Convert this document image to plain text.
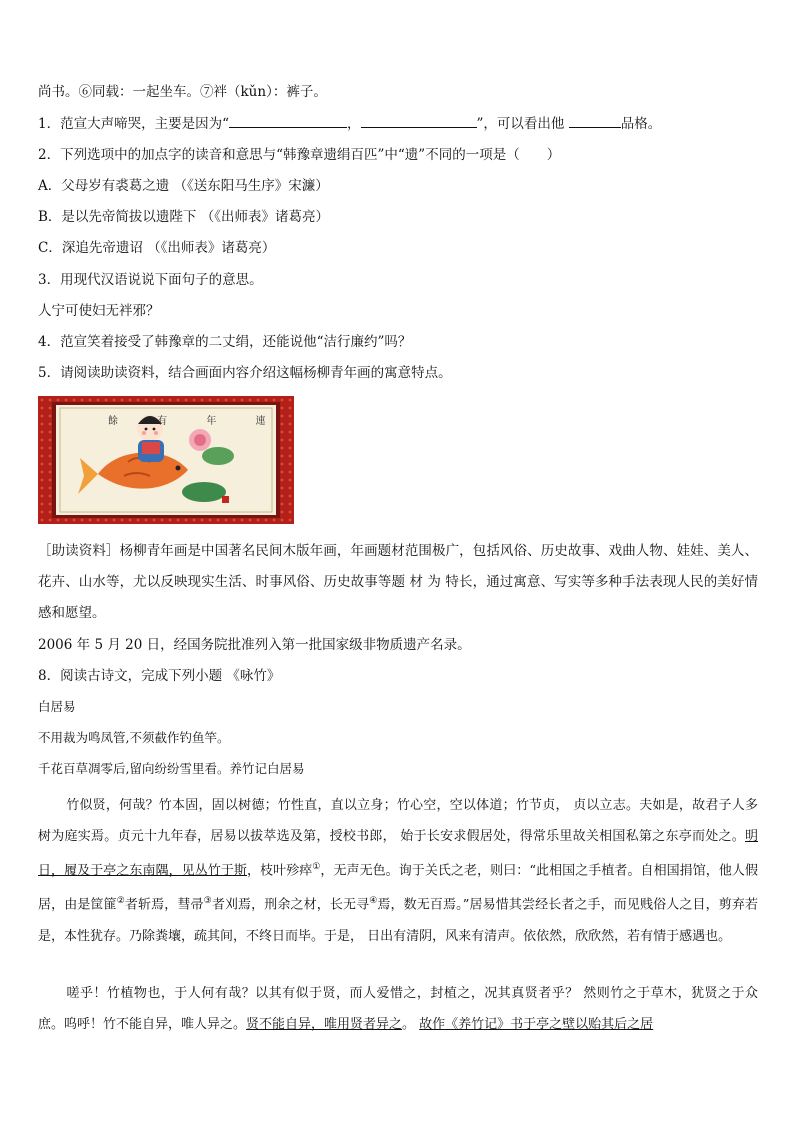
尚书。⑥同载：一起坐车。⑦袢（kǔn）：裤子。
1．范宣大声啼哭，主要是因为“	，	”，可以看出他	品格。
2．下列选项中的加点字的读音和意思与“韩豫章遗绢百匹”中“遗”不同的一项是（　　）
A．父母岁有裘葛之遗 （《送东阳马生序》宋濂）
B．是以先帝简拔以遗陛下 （《出师表》诸葛亮）
C．深追先帝遗诏 （《出师表》诸葛亮）
3．用现代汉语说说下面句子的意思。
人宁可使妇无袢邪？
4．范宣笑着接受了韩豫章的二丈绢，还能说他“洁行廉约”吗？
5．请阅读助读资料，结合画面内容介绍这幅杨柳青年画的寓意特点。
餘 有 年 連
［助读资料］杨柳青年画是中国著名民间木版年画，年画题材范围极广，包括风俗、历史故事、戏曲人物、娃娃、美人、花卉、山水等，尤以反映现实生活、时事风俗、历史故事等题 材 为 特长，通过寓意、写实等多种手法表现人民的美好情感和愿望。
2006 年 5 月 20 日，经国务院批准列入第一批国家级非物质遗产名录。
8．阅读古诗文，完成下列小题 《咏竹》
白居易
不用裁为鸣凤管,不须截作钓鱼竿。
千花百草凋零后,留向纷纷雪里看。养竹记白居易
竹似贤，何哉？竹本固，固以树德；竹性直，直以立身；竹心空，空以体道；竹节贞， 贞以立志。夫如是，故君子人多树为庭实焉。贞元十九年春，居易以拔萃选及第，授校书郎， 始于长安求假居处，得常乐里故关相国私第之东亭而处之。明日，履及于亭之东南隅，见丛竹于斯，枝叶殄瘁①，无声无色。询于关氏之老，则曰：“此相国之手植者。自相国捐馆，他人假居，由是筐篚②者斩焉，彗帚③者刈焉，刑余之材，长无寻④焉，数无百焉。”居易惜其尝经长者之手，而见贱俗人之目，剪弃若是，本性犹存。乃除粪壤，疏其间，不终日而毕。于是， 日出有清阴，风来有清声。依依然，欣欣然，若有情于感遇也。
嗟乎！竹植物也，于人何有哉？以其有似于贤，而人爱惜之，封植之，况其真贤者乎？ 然则竹之于草木，犹贤之于众庶。呜呼！竹不能自异，唯人异之。贤不能自异，唯用贤者异之。 故作《养竹记》书于亭之壁以贻其后之居
